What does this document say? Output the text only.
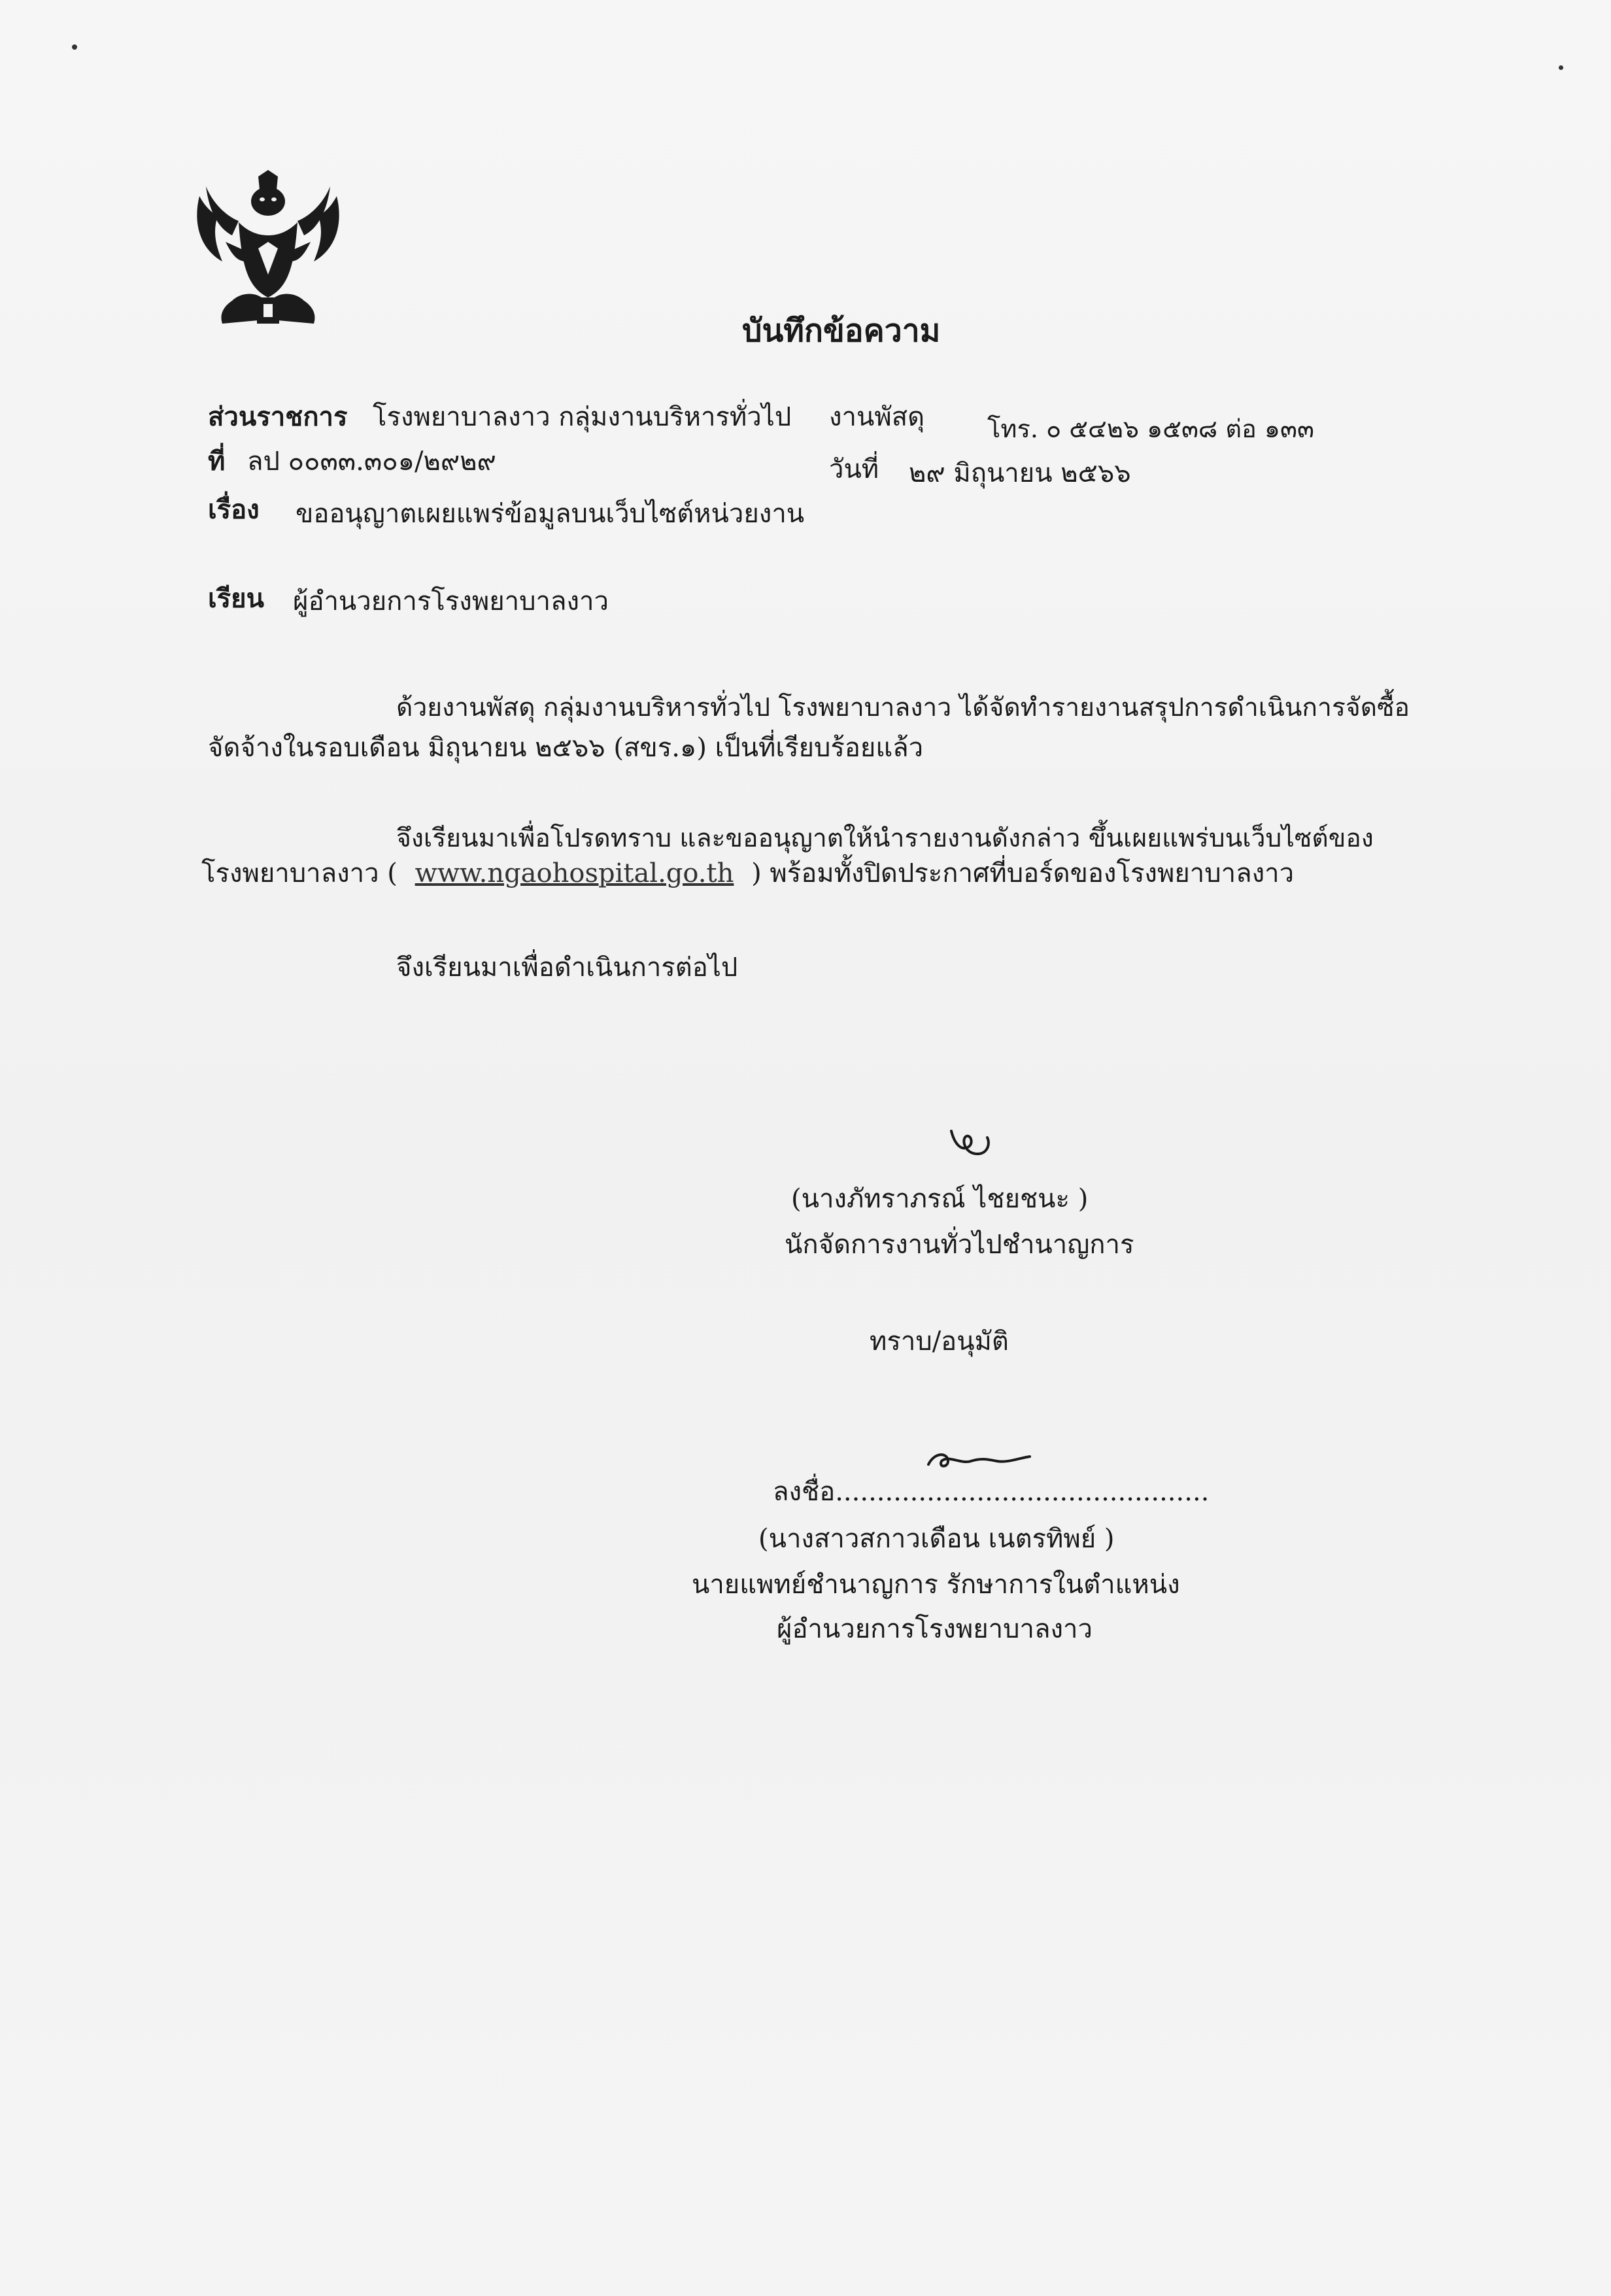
บันทึกข้อความ
ส่วนราชการ โรงพยาบาลงาว กลุ่มงานบริหารทั่วไป งานพัสดุ	โทร. ๐ ๕๔๒๖ ๑๕๓๘ ต่อ ๑๓๓
ที่ ลป ๐๐๓๓.๓๐๑/๒๙๒๙	วันที่ ๒๙ มิถุนายน ๒๕๖๖
เรื่อง ขออนุญาตเผยแพร่ข้อมูลบนเว็บไซต์หน่วยงาน
เรียน ผู้อำนวยการโรงพยาบาลงาว
ด้วยงานพัสดุ กลุ่มงานบริหารทั่วไป โรงพยาบาลงาว ได้จัดทำรายงานสรุปการดำเนินการจัดซื้อ
จัดจ้างในรอบเดือน มิถุนายน ๒๕๖๖ (สขร.๑) เป็นที่เรียบร้อยแล้ว
จึงเรียนมาเพื่อโปรดทราบ และขออนุญาตให้นำรายงานดังกล่าว ขึ้นเผยแพร่บนเว็บไซต์ของ
โรงพยาบาลงาว ( www.ngaohospital.go.th ) พร้อมทั้งปิดประกาศที่บอร์ดของโรงพยาบาลงาว
จึงเรียนมาเพื่อดำเนินการต่อไป
(นางภัทราภรณ์ ไชยชนะ )
นักจัดการงานทั่วไปชำนาญการ
ทราบ/อนุมัติ
ลงชื่อ.............................................
(นางสาวสกาวเดือน เนตรทิพย์ )
นายแพทย์ชำนาญการ รักษาการในตำแหน่ง
ผู้อำนวยการโรงพยาบาลงาว
